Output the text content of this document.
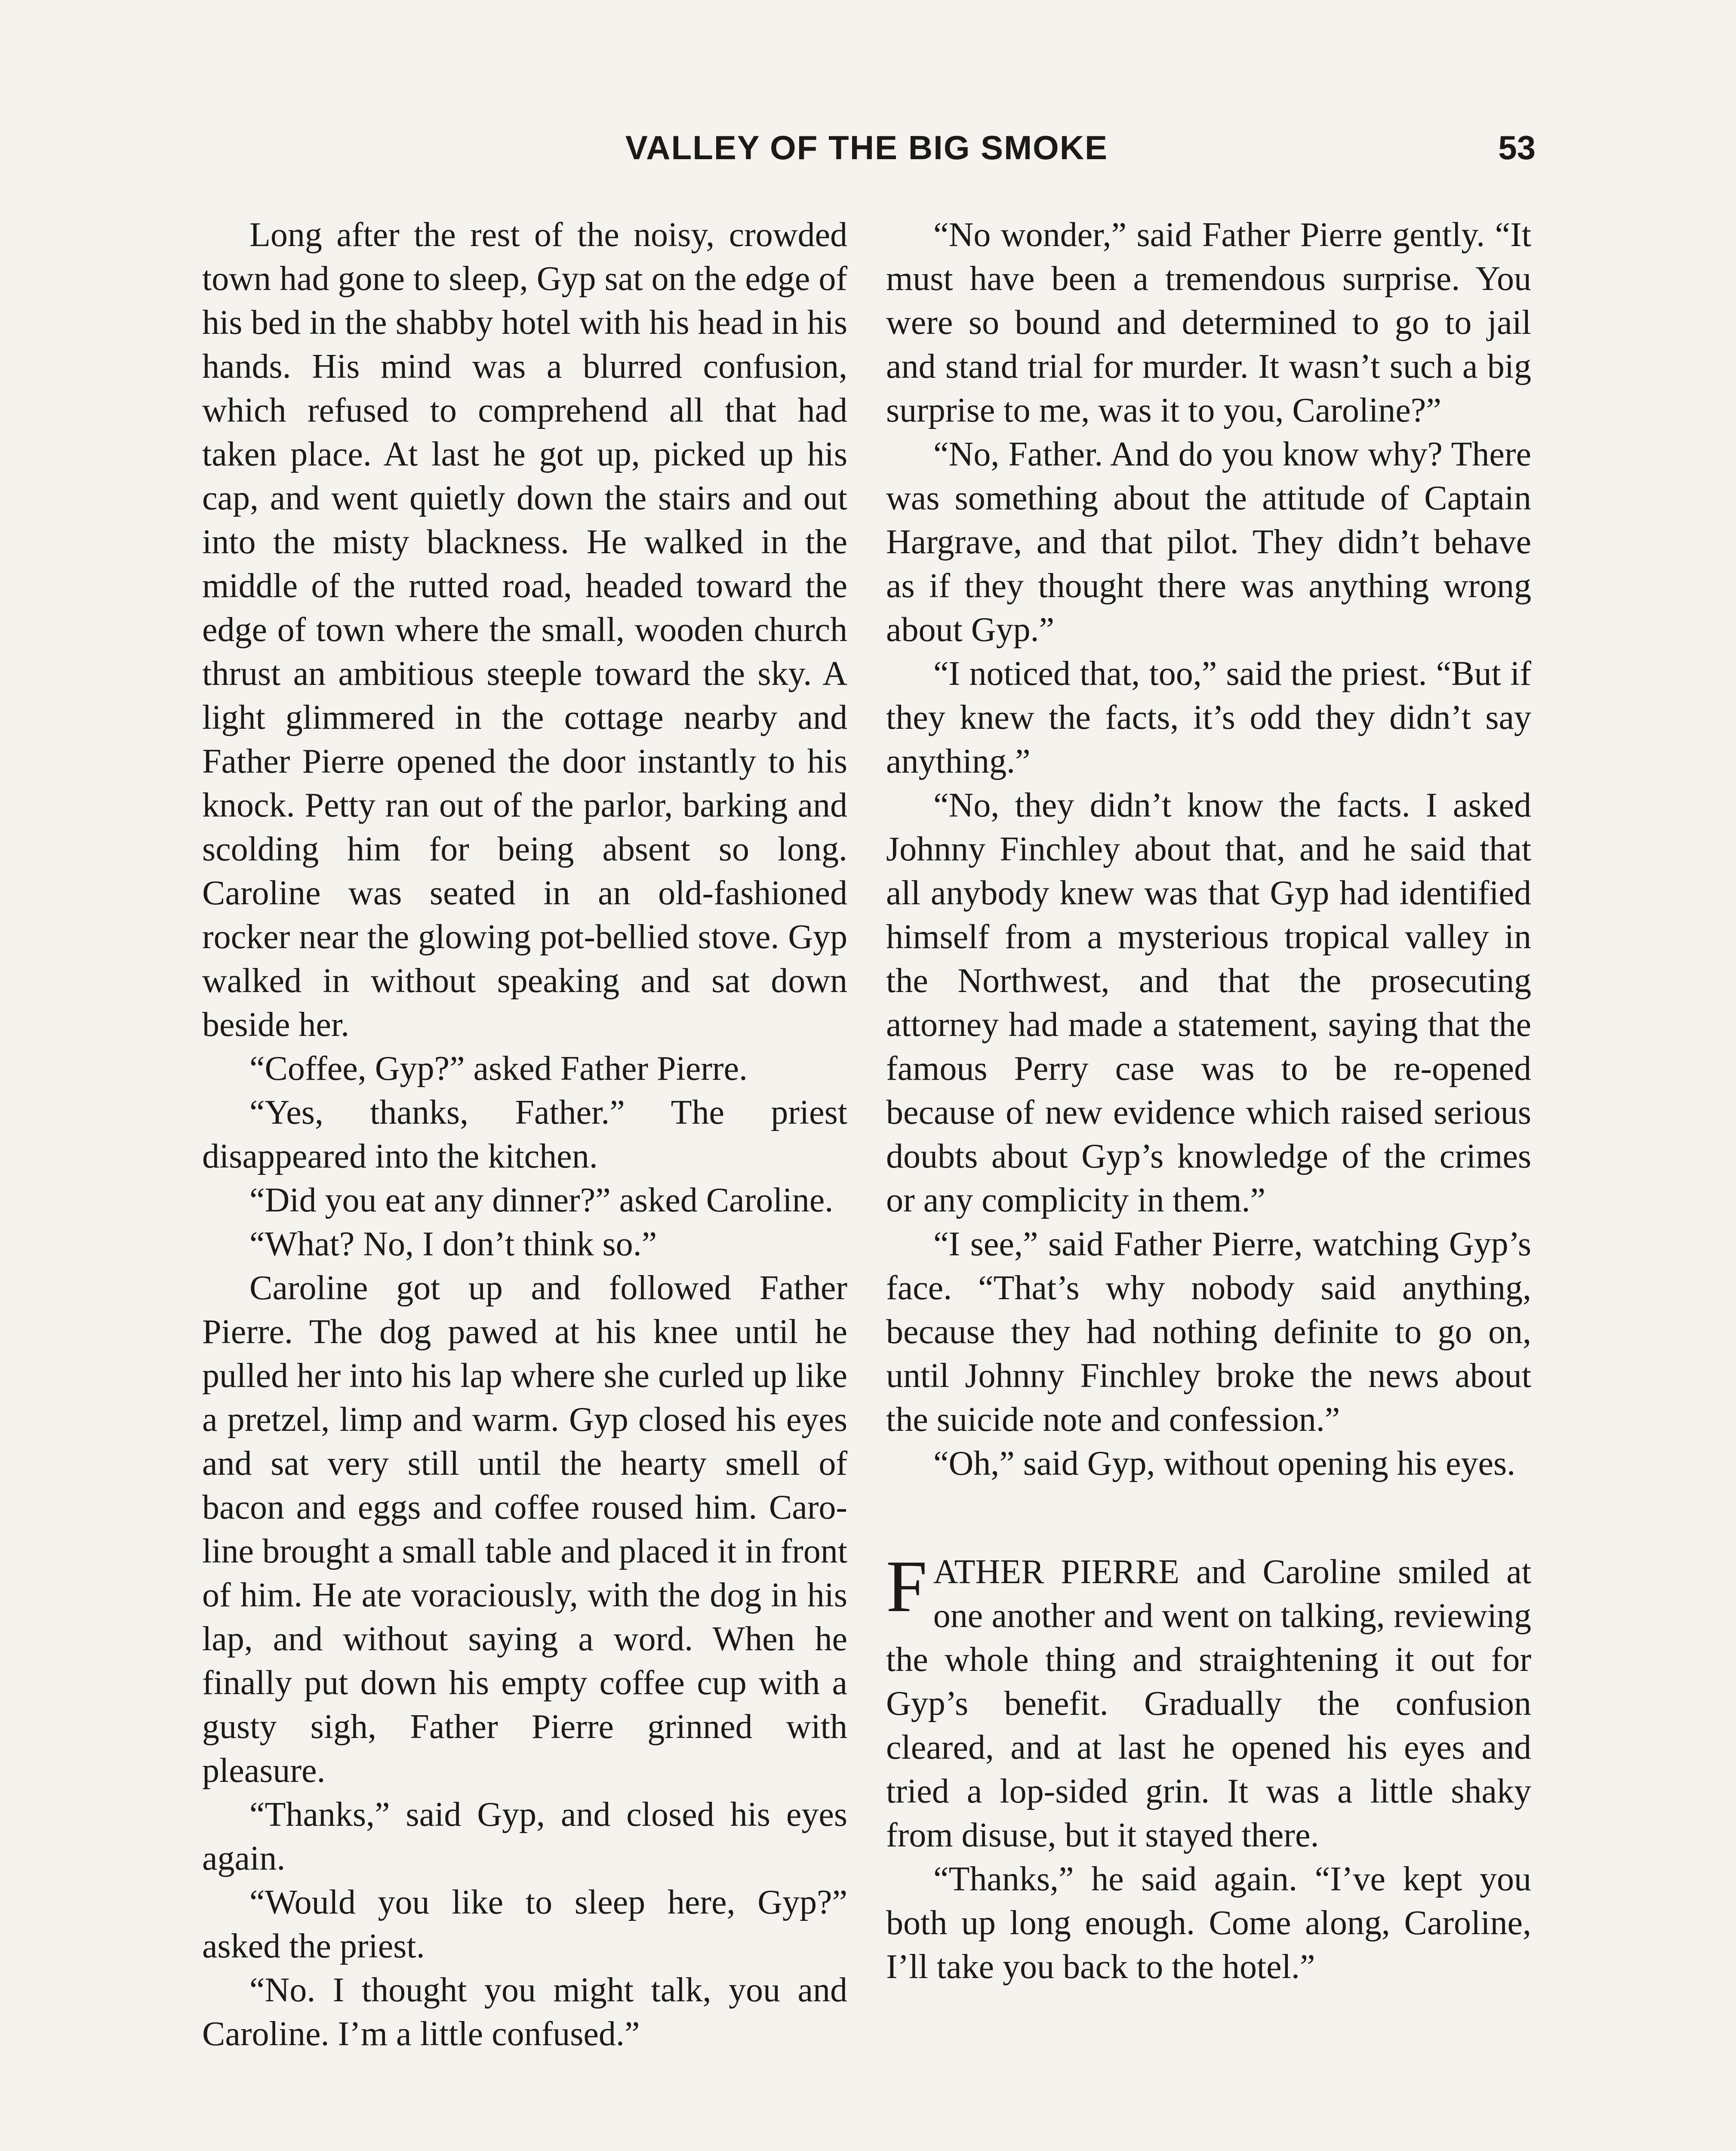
VALLEY OF THE BIG SMOKE	53

Long after the rest of the noisy, crowded town had gone to sleep, Gyp sat on the edge of his bed in the shabby hotel with his head in his hands. His mind was a blurred confusion, which refused to comprehend all that had taken place. At last he got up, picked up his cap, and went quietly down the stairs and out into the misty blackness. He walked in the middle of the rutted road, headed toward the edge of town where the small, wooden church thrust an ambitious steeple toward the sky. A light glimmered in the cottage nearby and Father Pierre opened the door instantly to his knock. Petty ran out of the parlor, barking and scolding him for being absent so long. Caroline was seated in an old-fashioned rocker near the glowing pot-bellied stove. Gyp walked in without speaking and sat down beside her.

“Coffee, Gyp?” asked Father Pierre.

“Yes, thanks, Father.” The priest disappeared into the kitchen.

“Did you eat any dinner?” asked Caroline.

“What? No, I don’t think so.”

Caroline got up and followed Father Pierre. The dog pawed at his knee until he pulled her into his lap where she curled up like a pretzel, limp and warm. Gyp closed his eyes and sat very still until the hearty smell of bacon and eggs and coffee roused him. Caroline brought a small table and placed it in front of him. He ate voraciously, with the dog in his lap, and without saying a word. When he finally put down his empty coffee cup with a gusty sigh, Father Pierre grinned with pleasure.

“Thanks,” said Gyp, and closed his eyes again.

“Would you like to sleep here, Gyp?” asked the priest.

“No. I thought you might talk, you and Caroline. I’m a little confused.”

“No wonder,” said Father Pierre gently. “It must have been a tremendous surprise. You were so bound and determined to go to jail and stand trial for murder. It wasn’t such a big surprise to me, was it to you, Caroline?”

“No, Father. And do you know why? There was something about the attitude of Captain Hargrave, and that pilot. They didn’t behave as if they thought there was anything wrong about Gyp.”

“I noticed that, too,” said the priest. “But if they knew the facts, it’s odd they didn’t say anything.”

“No, they didn’t know the facts. I asked Johnny Finchley about that, and he said that all anybody knew was that Gyp had identified himself from a mysterious tropical valley in the Northwest, and that the prosecuting attorney had made a statement, saying that the famous Perry case was to be re-opened because of new evidence which raised serious doubts about Gyp’s knowledge of the crimes or any complicity in them.”

“I see,” said Father Pierre, watching Gyp’s face. “That’s why nobody said anything, because they had nothing definite to go on, until Johnny Finchley broke the news about the suicide note and confession.”

“Oh,” said Gyp, without opening his eyes.

FATHER PIERRE and Caroline smiled at one another and went on talking, reviewing the whole thing and straightening it out for Gyp’s benefit. Gradually the confusion cleared, and at last he opened his eyes and tried a lop-sided grin. It was a little shaky from disuse, but it stayed there.

“Thanks,” he said again. “I’ve kept you both up long enough. Come along, Caroline, I’ll take you back to the hotel.”
